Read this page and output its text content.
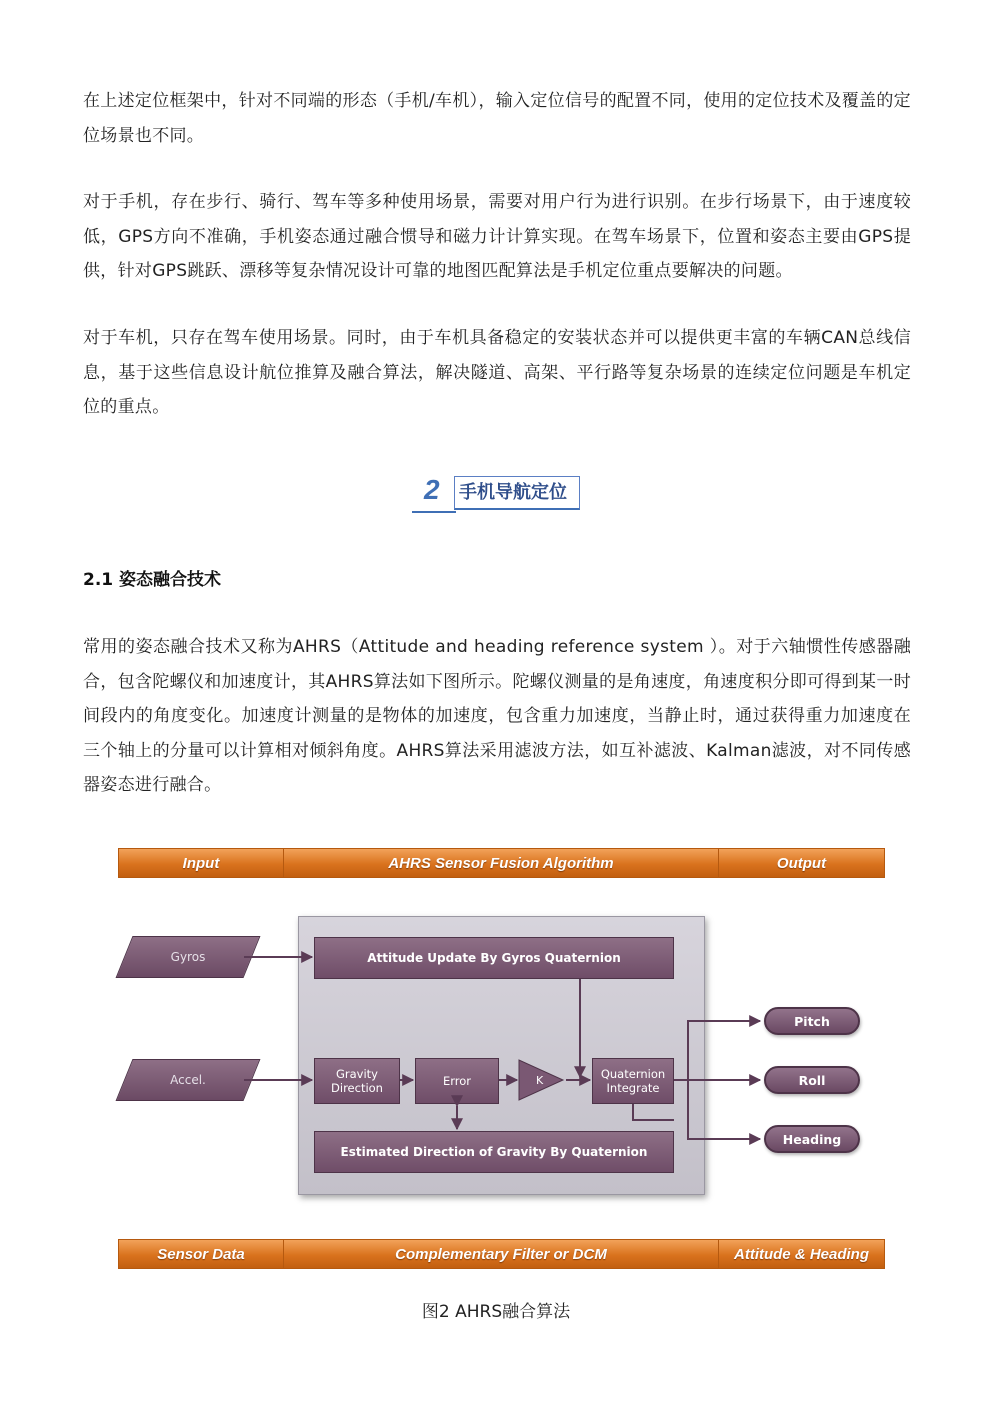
在上述定位框架中，针对不同端的形态（手机/车机），输入定位信号的配置不同，使用的定位技术及覆盖的定位场景也不同。

对于手机，存在步行、骑行、驾车等多种使用场景，需要对用户行为进行识别。在步行场景下，由于速度较低，GPS方向不准确，手机姿态通过融合惯导和磁力计计算实现。在驾车场景下，位置和姿态主要由GPS提供，针对GPS跳跃、漂移等复杂情况设计可靠的地图匹配算法是手机定位重点要解决的问题。

对于车机，只存在驾车使用场景。同时，由于车机具备稳定的安装状态并可以提供更丰富的车辆CAN总线信息，基于这些信息设计航位推算及融合算法，解决隧道、高架、平行路等复杂场景的连续定位问题是车机定位的重点。

2 手机导航定位
2.1 姿态融合技术

常用的姿态融合技术又称为AHRS（Attitude and heading reference system ）。对于六轴惯性传感器融合，包含陀螺仪和加速度计，其AHRS算法如下图所示。陀螺仪测量的是角速度，角速度积分即可得到某一时间段内的角度变化。加速度计测量的是物体的加速度，包含重力加速度，当静止时，通过获得重力加速度在三个轴上的分量可以计算相对倾斜角度。AHRS算法采用滤波方法，如互补滤波、Kalman滤波，对不同传感器姿态进行融合。

Input	AHRS Sensor Fusion Algorithm	Output
Gyros
Accel.
Attitude Update By Gyros Quaternion
Gravity Direction	Error	Quaternion Integrate
Estimated Direction of Gravity By Quaternion
K
Pitch
Roll
Heading
Sensor Data	Complementary Filter or DCM	Attitude & Heading
图2 AHRS融合算法
